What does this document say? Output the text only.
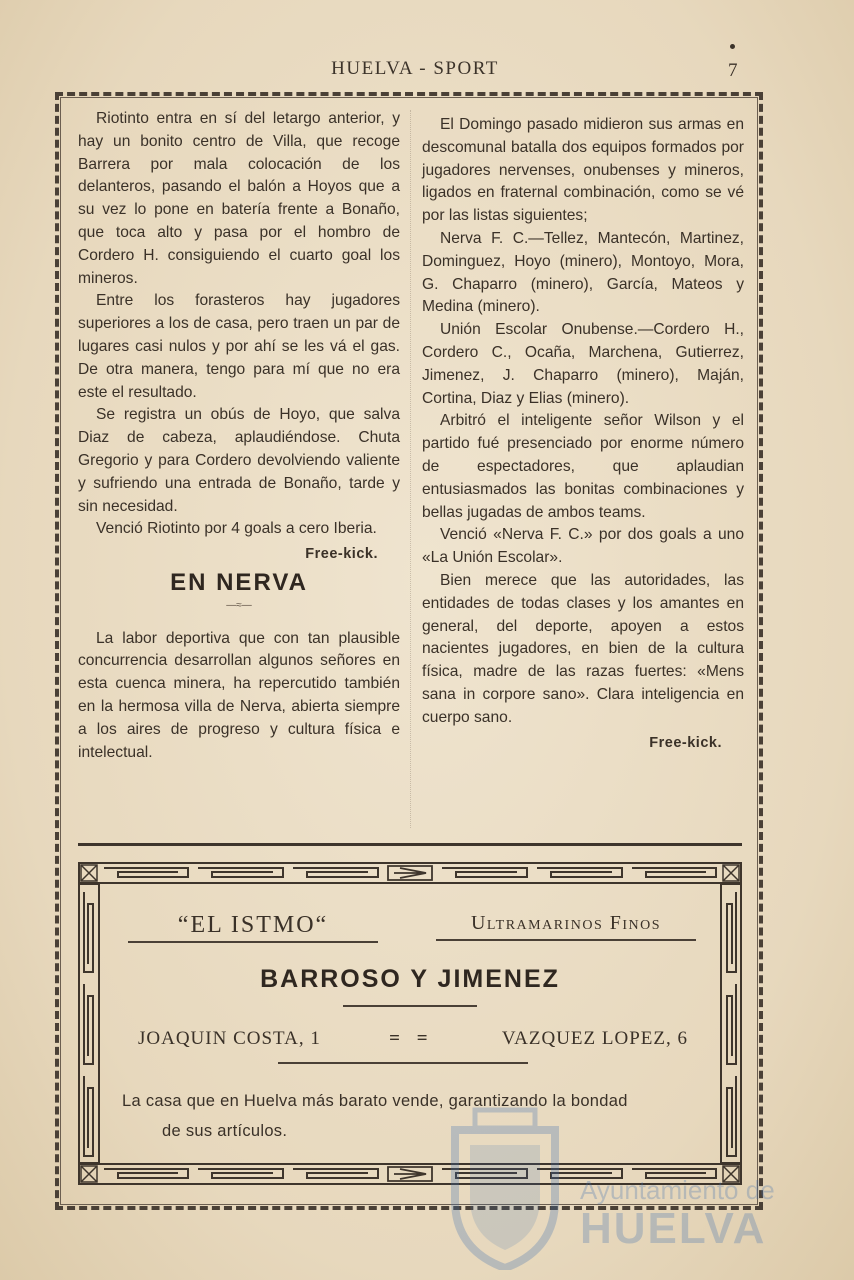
HUELVA - SPORT	7

Riotinto entra en sí del letargo anterior, y hay un bonito centro de Villa, que recoge Barrera por mala colocación de los delanteros, pasando el balón a Hoyos que a su vez lo pone en batería frente a Bonaño, que toca alto y pasa por el hombro de Cordero H. consiguiendo el cuarto goal los mineros.

Entre los forasteros hay jugadores superiores a los de casa, pero traen un par de lugares casi nulos y por ahí se les vá el gas. De otra manera, tengo para mí que no era este el resultado.

Se registra un obús de Hoyo, que salva Diaz de cabeza, aplaudiéndose. Chuta Gregorio y para Cordero devolviendo valiente y sufriendo una entrada de Bonaño, tarde y sin necesidad.

Venció Riotinto por 4 goals a cero Iberia.

Free-kick.
EN NERVA
—≈—

La labor deportiva que con tan plausible concurrencia desarrollan algunos señores en esta cuenca minera, ha repercutido también en la hermosa villa de Nerva, abierta siempre a los aires de progreso y cultura física e intelectual.

El Domingo pasado midieron sus armas en descomunal batalla dos equipos formados por jugadores nervenses, onubenses y mineros, ligados en fraternal combinación, como se vé por las listas siguientes;

Nerva F. C.—Tellez, Mantecón, Martinez, Dominguez, Hoyo (minero), Montoyo, Mora, G. Chaparro (minero), García, Mateos y Medina (minero).

Unión Escolar Onubense.—Cordero H., Cordero C., Ocaña, Marchena, Gutierrez, Jimenez, J. Chaparro (minero), Maján, Cortina, Diaz y Elias (minero).

Arbitró el inteligente señor Wilson y el partido fué presenciado por enorme número de espectadores, que aplaudian entusiasmados las bonitas combinaciones y bellas jugadas de ambos teams.

Venció «Nerva F. C.» por dos goals a uno «La Unión Escolar».

Bien merece que las autoridades, las entidades de todas clases y los amantes en general, del deporte, apoyen a estos nacientes jugadores, en bien de la cultura física, madre de las razas fuertes: «Mens sana in corpore sano». Clara inteligencia en cuerpo sano.

Free-kick.
“EL ISTMO“	Ultramarinos Finos
BARROSO Y JIMENEZ
JOAQUIN COSTA, 1	= =	VAZQUEZ LOPEZ, 6
La casa que en Huelva más barato vende, garantizando la bondad
de sus artículos.
Ayuntamiento de
HUELVA
